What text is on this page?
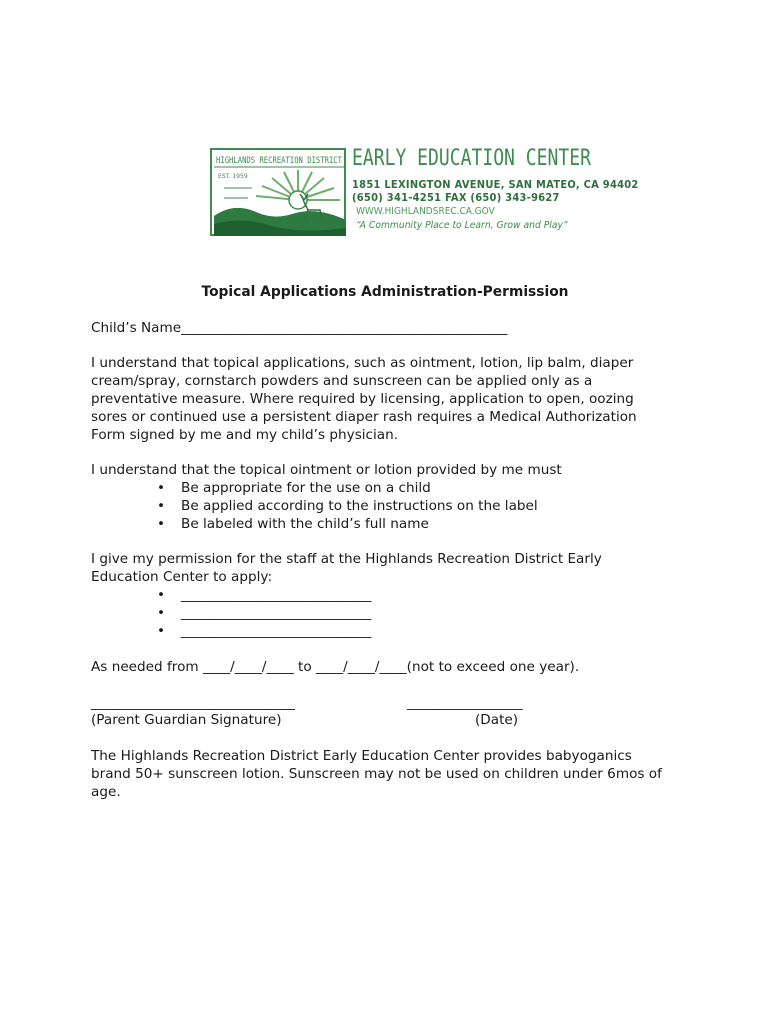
HIGHLANDS RECREATION DISTRICT
EST. 1959
EARLY EDUCATION CENTER
1851 LEXINGTON AVENUE, SAN MATEO, CA 94402
(650) 341-4251 FAX (650) 343-9627
WWW.HIGHLANDSREC.CA.GOV
“A Community Place to Learn, Grow and Play”
Topical Applications Administration-Permission
Child’s Name________________________________________________
I understand that topical applications, such as ointment, lotion, lip balm, diaper
cream/spray, cornstarch powders and sunscreen can be applied only as a
preventative measure. Where required by licensing, application to open, oozing
sores or continued use a persistent diaper rash requires a Medical Authorization
Form signed by me and my child’s physician.
I understand that the topical ointment or lotion provided by me must
• Be appropriate for the use on a child
• Be applied according to the instructions on the label
• Be labeled with the child’s full name
I give my permission for the staff at the Highlands Recreation District Early
Education Center to apply:
• ____________________________
• ____________________________
• ____________________________
As needed from ____/____/____ to ____/____/____(not to exceed one year).
______________________________	_________________
(Parent Guardian Signature)	(Date)
The Highlands Recreation District Early Education Center provides babyoganics
brand 50+ sunscreen lotion. Sunscreen may not be used on children under 6mos of
age.
